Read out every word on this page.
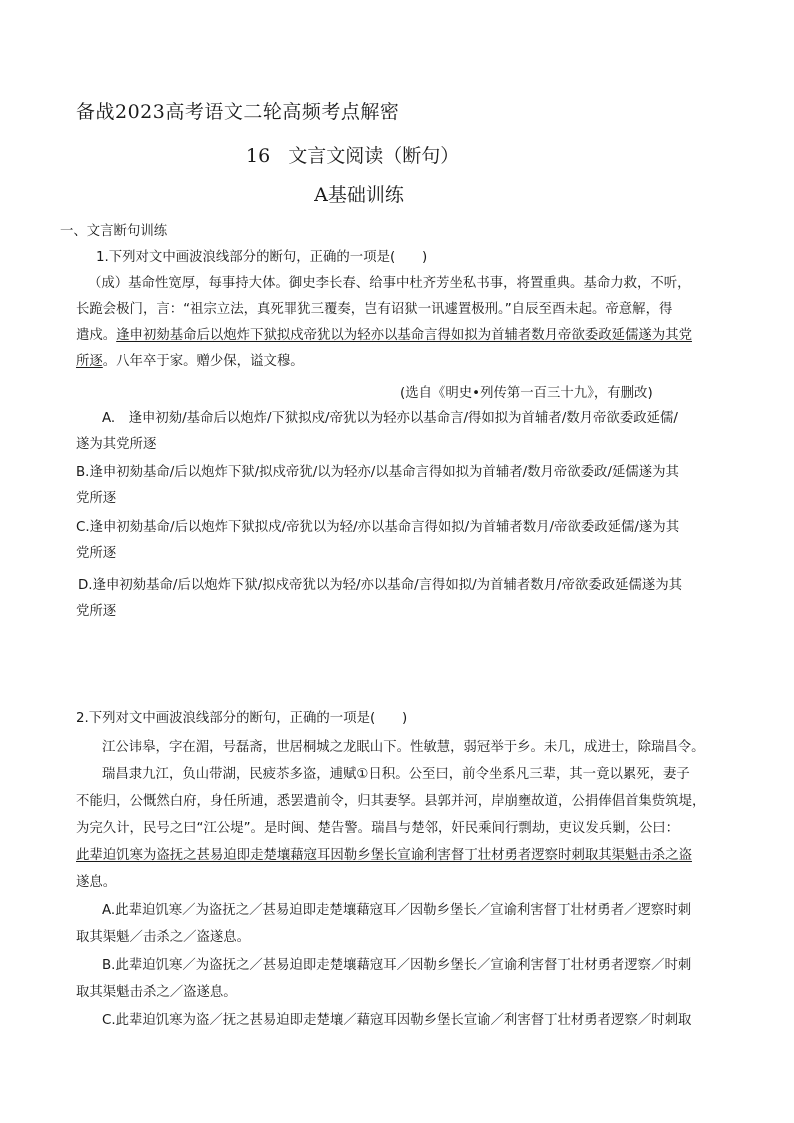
备战2023高考语文二轮高频考点解密
16 文言文阅读（断句）
A基础训练
一、文言断句训练
1.下列对文中画波浪线部分的断句，正确的一项是(　　)
（成）基命性宽厚，每事持大体。御史李长春、给事中杜齐芳坐私书事，将置重典。基命力救，不听，
长跪会极门，言：“祖宗立法，真死罪犹三覆奏，岂有诏狱一讯遽置极刑。”自辰至酉未起。帝意解，得
遣戍。逢申初劾基命后以炮炸下狱拟戍帝犹以为轻亦以基命言得如拟为首辅者数月帝欲委政延儒遂为其党
所逐。八年卒于家。赠少保，谥文穆。
(选自《明史•列传第一百三十九》，有删改)
A.　逢申初劾/基命后以炮炸/下狱拟戍/帝犹以为轻亦以基命言/得如拟为首辅者/数月帝欲委政延儒/
遂为其党所逐
B.逢申初劾基命/后以炮炸下狱/拟戍帝犹/以为轻亦/以基命言得如拟为首辅者/数月帝欲委政/延儒遂为其
党所逐
C.逢申初劾基命/后以炮炸下狱拟戍/帝犹以为轻/亦以基命言得如拟/为首辅者数月/帝欲委政延儒/遂为其
党所逐
D.逢申初劾基命/后以炮炸下狱/拟戍帝犹以为轻/亦以基命/言得如拟/为首辅者数月/帝欲委政延儒遂为其
党所逐
2.下列对文中画波浪线部分的断句，正确的一项是(　　)
江公讳皋，字在湄，号磊斋，世居桐城之龙眠山下。性敏慧，弱冠举于乡。未几，成进士，除瑞昌令。
瑞昌隶九江，负山带湖，民疲苶多盗，逋赋①日积。公至曰，前令坐系凡三辈，其一竟以累死，妻子
不能归，公慨然白府，身任所逋，悉罢遣前令，归其妻孥。县郭并河，岸崩壅故道，公捐俸倡首集赀筑堤，
为完久计，民号之曰“江公堤”。是时闽、楚告警。瑞昌与楚邻，奸民乘间行剽劫，吏议发兵剿，公曰：
此辈迫饥寒为盗抚之甚易迫即走楚壤藉寇耳因勒乡堡长宣谕利害督丁壮材勇者逻察时刺取其渠魁击杀之盗
遂息。
A.此辈迫饥寒／为盗抚之／甚易迫即走楚壤藉寇耳／因勒乡堡长／宣谕利害督丁壮材勇者／逻察时刺
取其渠魁／击杀之／盗遂息。
B.此辈迫饥寒／为盗抚之／甚易迫即走楚壤藉寇耳／因勒乡堡长／宣谕利害督丁壮材勇者逻察／时刺
取其渠魁击杀之／盗遂息。
C.此辈迫饥寒为盗／抚之甚易迫即走楚壤／藉寇耳因勒乡堡长宣谕／利害督丁壮材勇者逻察／时刺取
